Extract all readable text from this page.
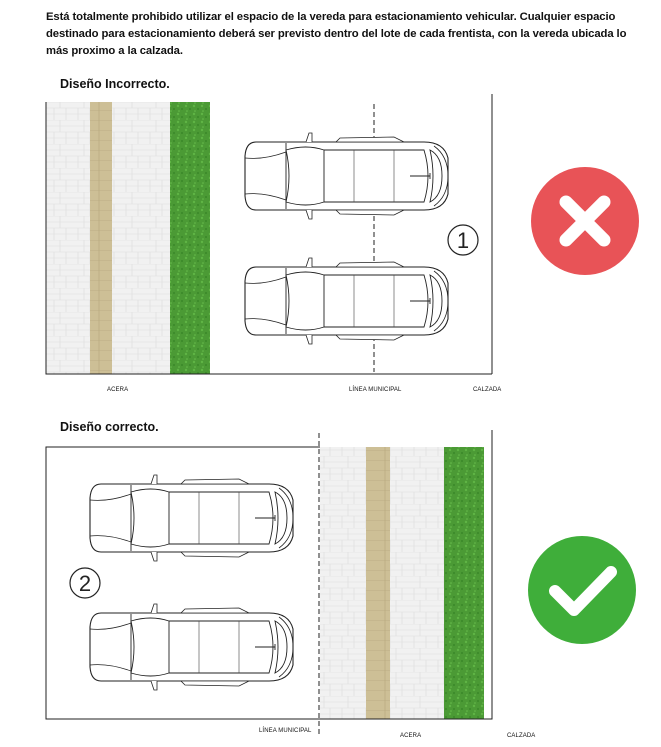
Está totalmente prohibido utilizar el espacio de la vereda para estacionamiento vehicular. Cualquier espacio destinado para estacionamiento deberá ser previsto dentro del lote de cada frentista, con la vereda ubicada lo más proximo a la calzada.
Diseño Incorrecto.
Diseño correcto.
1
2
ACERA	LÍNEA MUNICIPAL	CALZADA
LÍNEA MUNICIPAL
ACERA	CALZADA
